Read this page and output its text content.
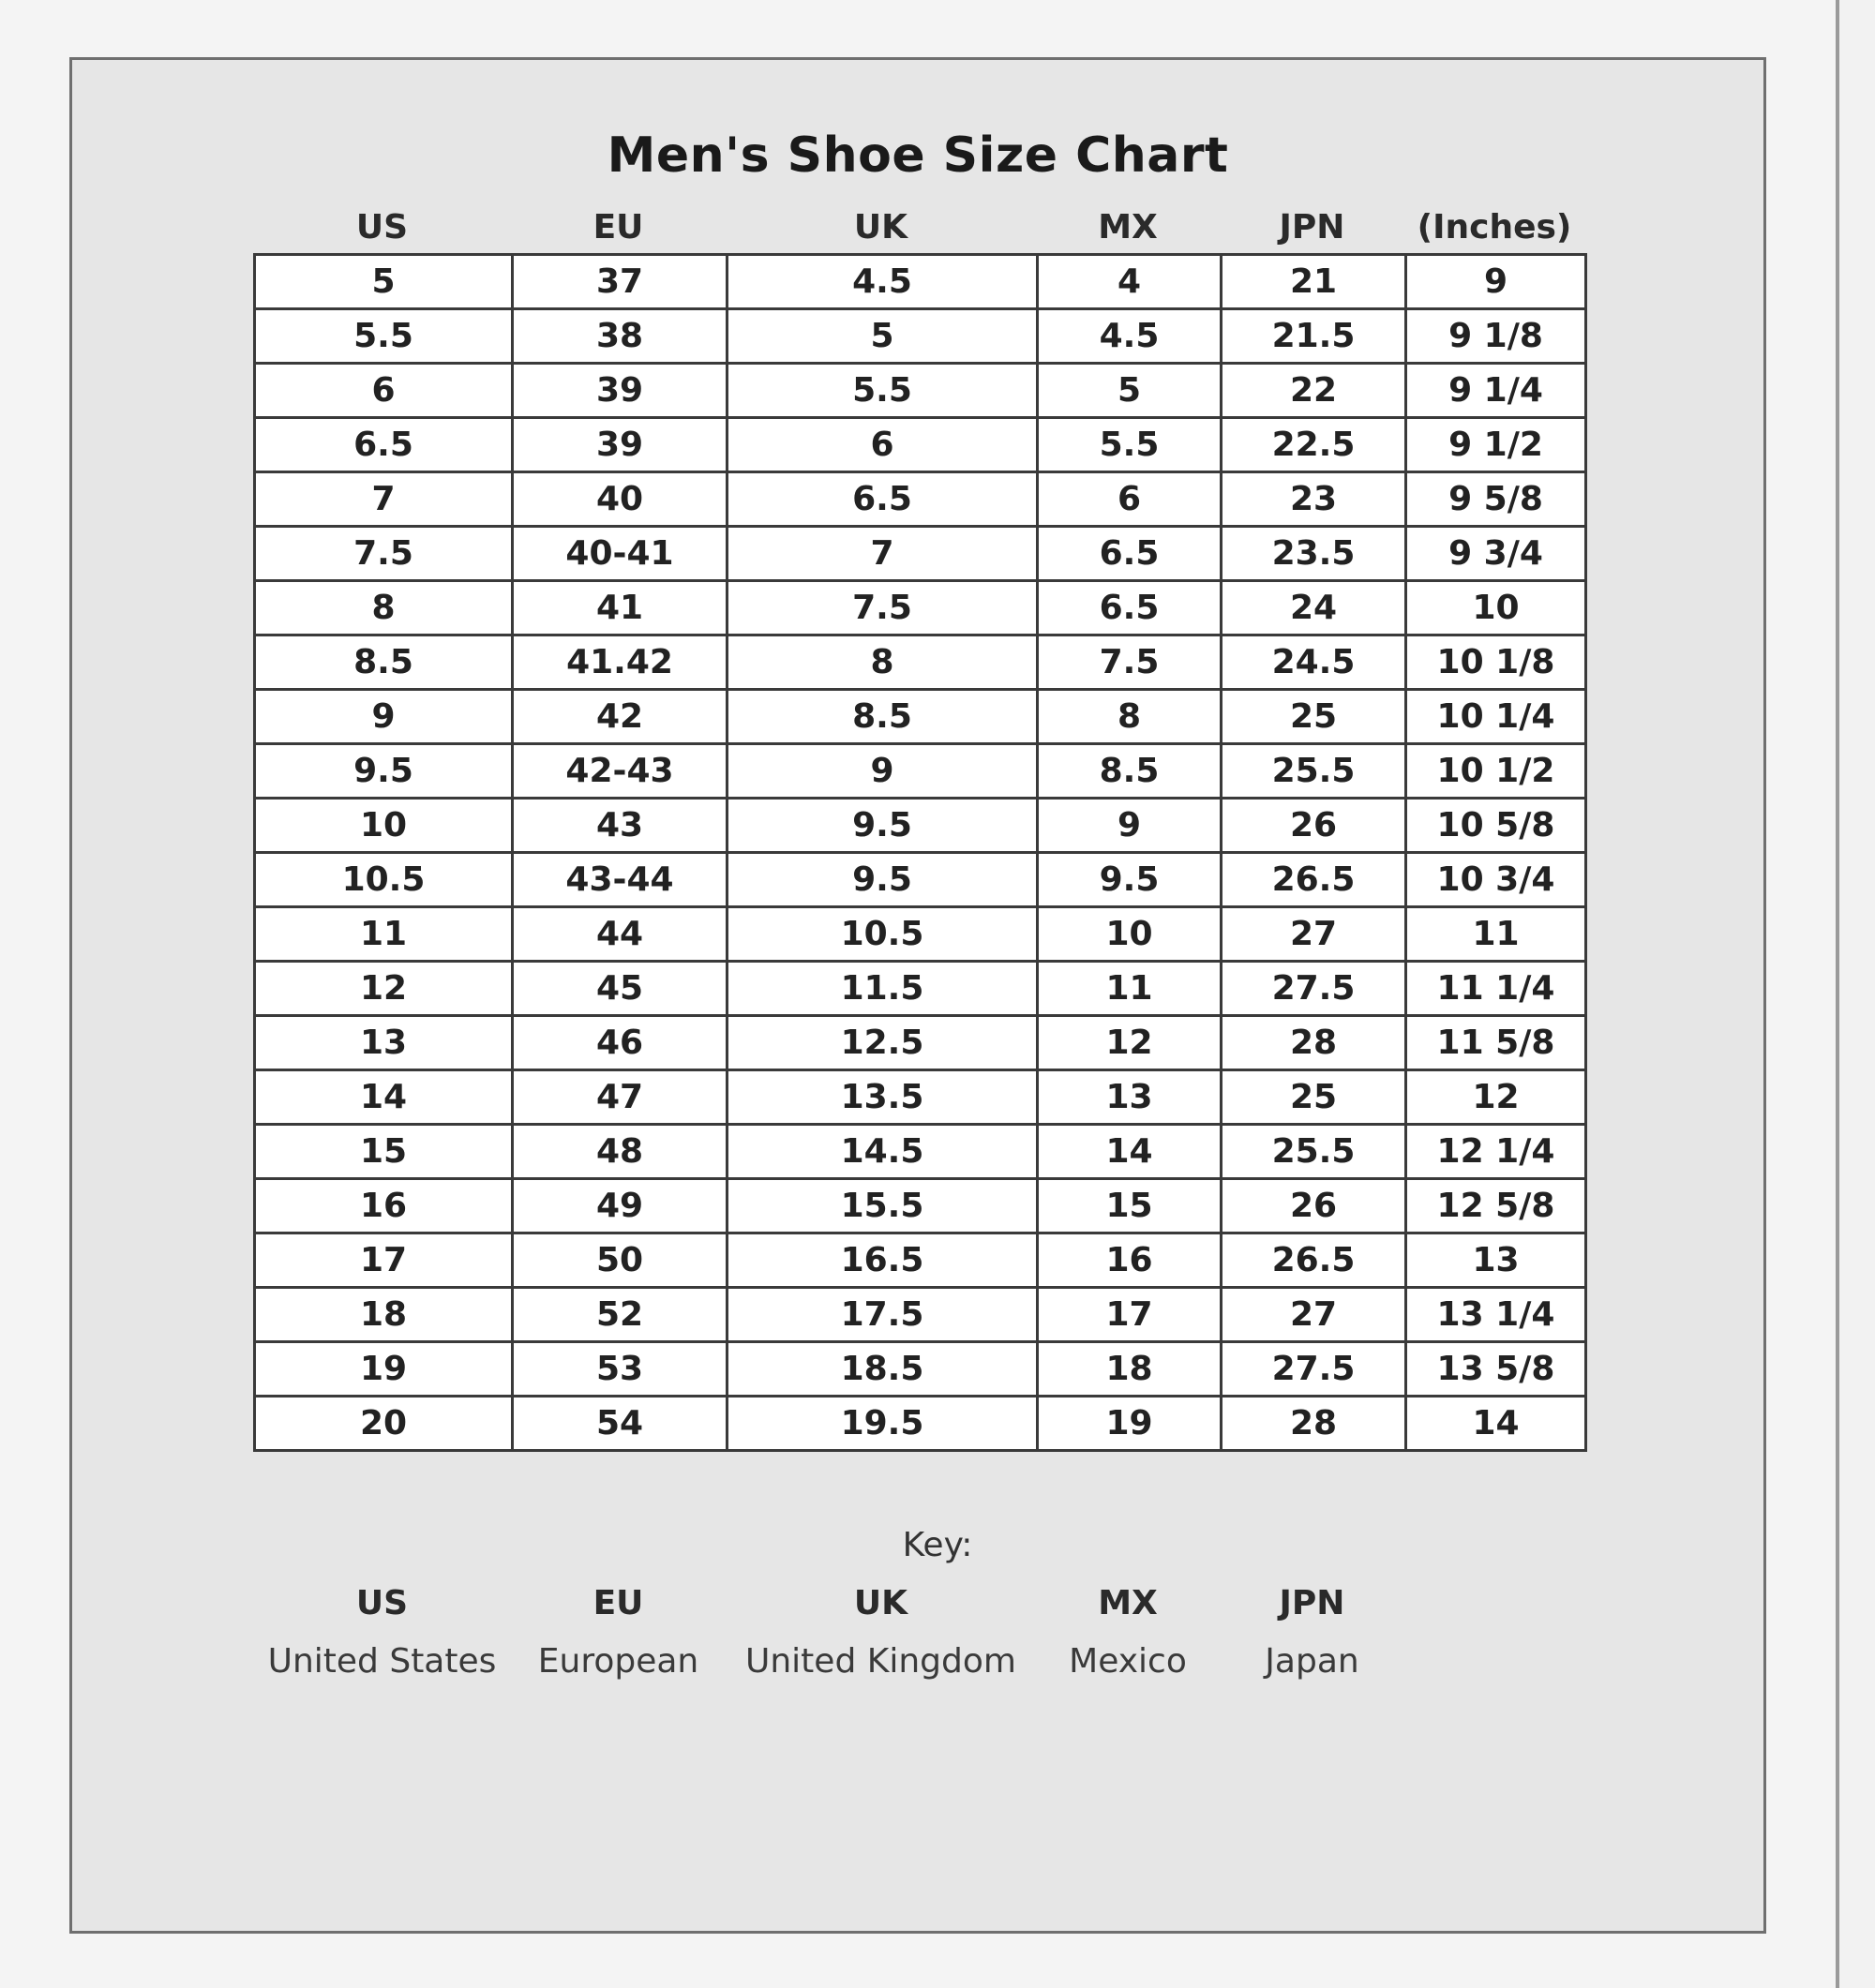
Men's Shoe Size Chart
US	EU	UK	MX	JPN	(Inches)
5	37	4.5	4	21	9
5.5	38	5	4.5	21.5	9 1/8
6	39	5.5	5	22	9 1/4
6.5	39	6	5.5	22.5	9 1/2
7	40	6.5	6	23	9 5/8
7.5	40-41	7	6.5	23.5	9 3/4
8	41	7.5	6.5	24	10
8.5	41.42	8	7.5	24.5	10 1/8
9	42	8.5	8	25	10 1/4
9.5	42-43	9	8.5	25.5	10 1/2
10	43	9.5	9	26	10 5/8
10.5	43-44	9.5	9.5	26.5	10 3/4
11	44	10.5	10	27	11
12	45	11.5	11	27.5	11 1/4
13	46	12.5	12	28	11 5/8
14	47	13.5	13	25	12
15	48	14.5	14	25.5	12 1/4
16	49	15.5	15	26	12 5/8
17	50	16.5	16	26.5	13
18	52	17.5	17	27	13 1/4
19	53	18.5	18	27.5	13 5/8
20	54	19.5	19	28	14
Key:
US	EU	UK	MX	JPN
United States	European	United Kingdom	Mexico	Japan
